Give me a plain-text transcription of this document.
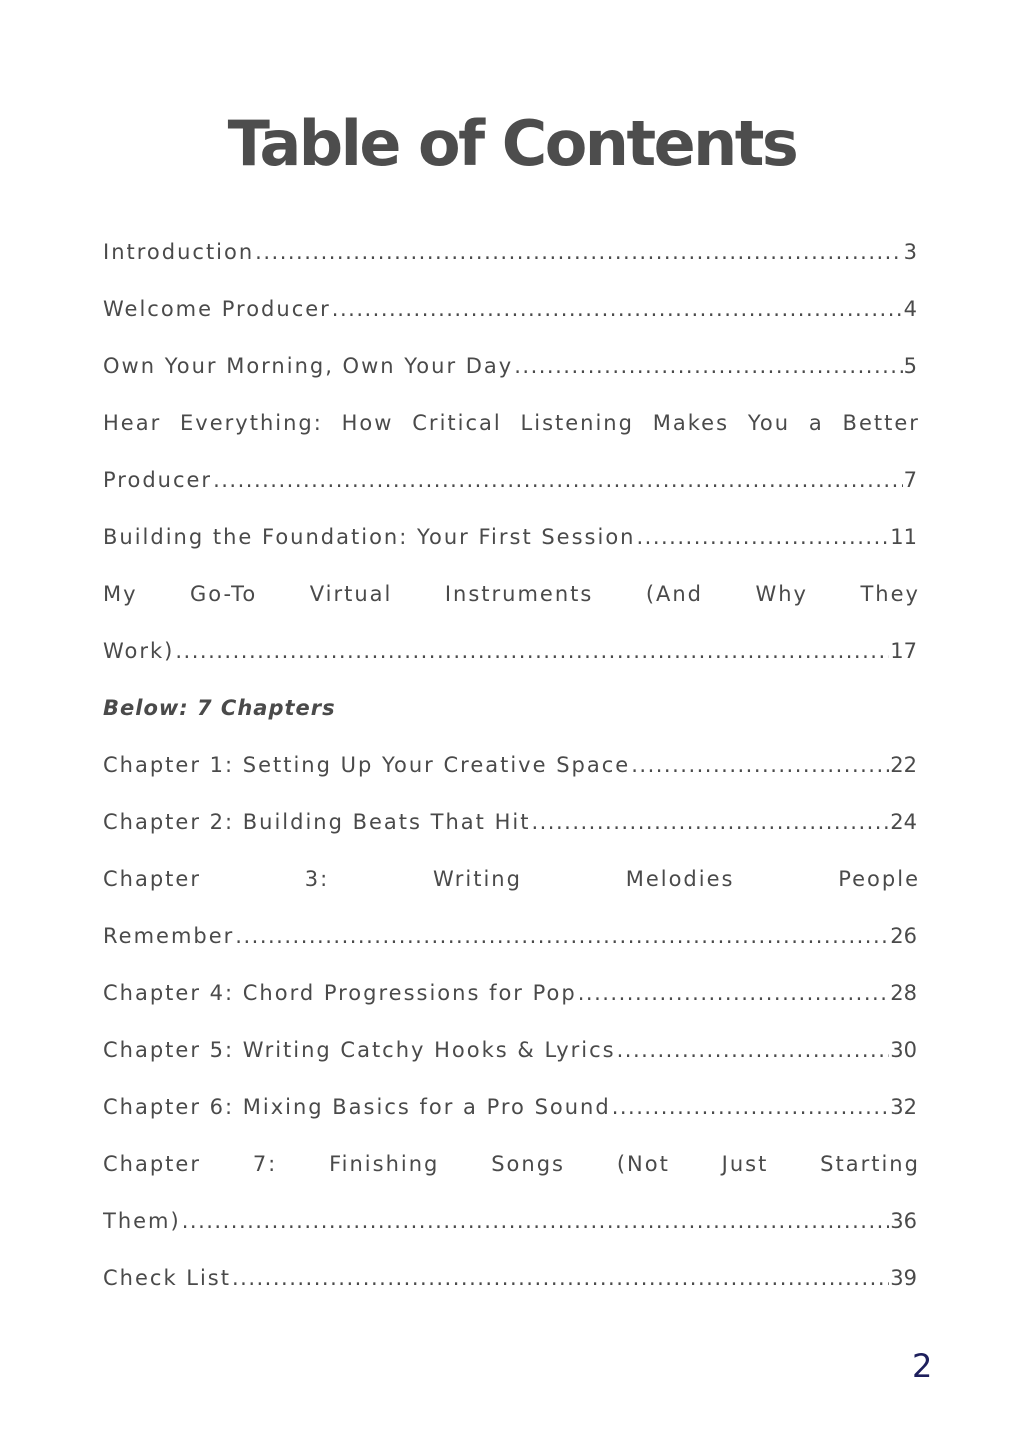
Table of Contents
Introduction .....	3
Welcome Producer .....	4
Own Your Morning, Own Your Day .....	5
Hear Everything: How Critical Listening Makes You a Better
Producer .....	7
Building the Foundation: Your First Session .....	11
My Go-To Virtual Instruments (And Why They
Work) .....	17
Below: 7 Chapters
Chapter 1: Setting Up Your Creative Space .....	22
Chapter 2: Building Beats That Hit .....	24
Chapter	3:	Writing	Melodies	People
Remember .....	26
Chapter 4: Chord Progressions for Pop .....	28
Chapter 5: Writing Catchy Hooks & Lyrics .....	30
Chapter 6: Mixing Basics for a Pro Sound .....	32
Chapter 7: Finishing Songs (Not Just Starting
Them) .....	36
Check List .....	39
2
